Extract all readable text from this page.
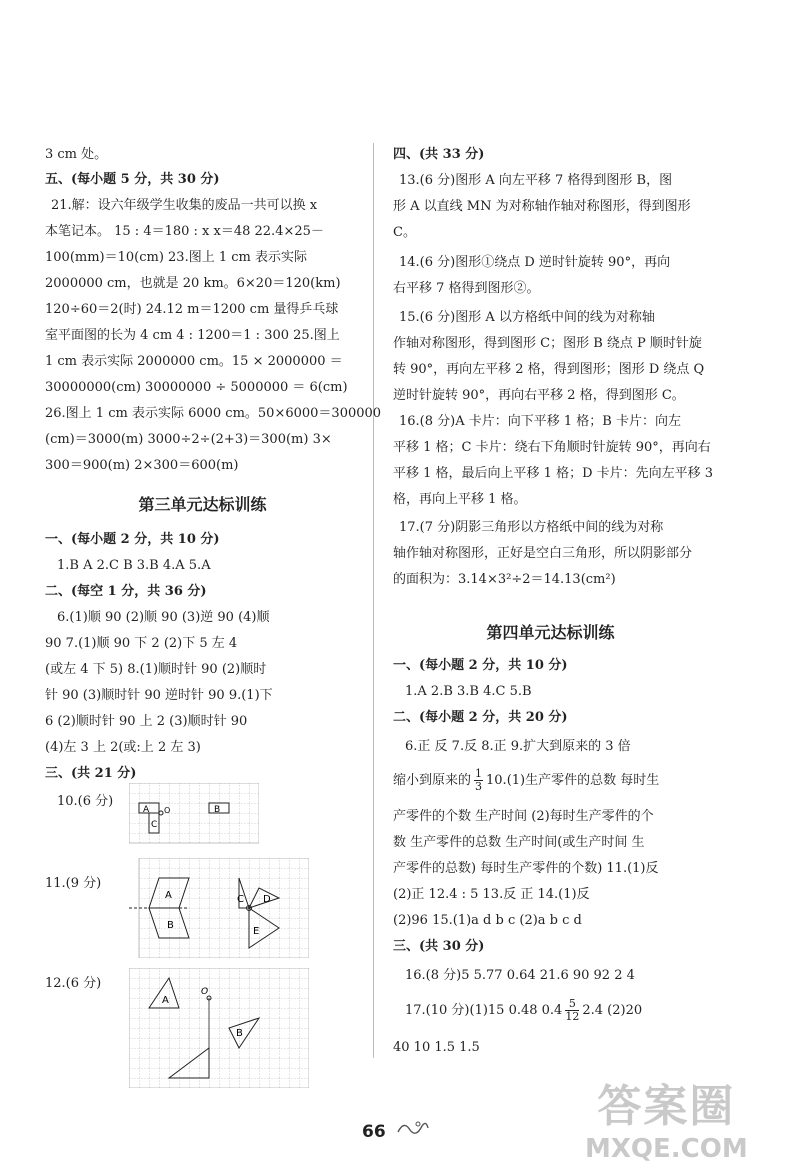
3 cm 处。
五、(每小题 5 分，共 30 分)
21.解：设六年级学生收集的废品一共可以换 x
本笔记本。 15 : 4＝180 : x x＝48 22.4×25－
100(mm)＝10(cm) 23.图上 1 cm 表示实际
2000000 cm，也就是 20 km。6×20＝120(km)
120÷60＝2(时) 24.12 m＝1200 cm 量得乒乓球
室平面图的长为 4 cm 4 : 1200＝1 : 300 25.图上
1 cm 表示实际 2000000 cm。15 × 2000000 ＝
30000000(cm) 30000000 ÷ 5000000 ＝ 6(cm)
26.图上 1 cm 表示实际 6000 cm。50×6000＝300000
(cm)＝3000(m) 3000÷2÷(2+3)＝300(m) 3×
300＝900(m) 2×300＝600(m)
第三单元达标训练
一、(每小题 2 分，共 10 分)
1.B A 2.C B 3.B 4.A 5.A
二、(每空 1 分，共 36 分)
6.(1)顺 90 (2)顺 90 (3)逆 90 (4)顺
90 7.(1)顺 90 下 2 (2)下 5 左 4
(或左 4 下 5) 8.(1)顺时针 90 (2)顺时
针 90 (3)顺时针 90 逆时针 90 9.(1)下
6 (2)顺时针 90 上 2 (3)顺时针 90
(4)左 3 上 2(或:上 2 左 3)
三、(共 21 分)
10.(6 分)
A
C
B
O
11.(9 分)
A
B
C D
E
12.(6 分)
A
B
O
四、(共 33 分)
13.(6 分)图形 A 向左平移 7 格得到图形 B，图
形 A 以直线 MN 为对称轴作轴对称图形，得到图形
C。
14.(6 分)图形①绕点 D 逆时针旋转 90°，再向
右平移 7 格得到图形②。
15.(6 分)图形 A 以方格纸中间的线为对称轴
作轴对称图形，得到图形 C；图形 B 绕点 P 顺时针旋
转 90°，再向左平移 2 格，得到图形；图形 D 绕点 Q
逆时针旋转 90°，再向右平移 2 格，得到图形 C。
16.(8 分)A 卡片：向下平移 1 格；B 卡片：向左
平移 1 格；C 卡片：绕右下角顺时针旋转 90°，再向右
平移 1 格，最后向上平移 1 格；D 卡片：先向左平移 3
格，再向上平移 1 格。
17.(7 分)阴影三角形以方格纸中间的线为对称
轴作轴对称图形，正好是空白三角形，所以阴影部分
的面积为：3.14×3²÷2＝14.13(cm²)
第四单元达标训练
一、(每小题 2 分，共 10 分)
1.A 2.B 3.B 4.C 5.B
二、(每小题 2 分，共 20 分)
6.正 反 7.反 8.正 9.扩大到原来的 3 倍
缩小到原来的 $\frac{1}{3} 10.(1)$生产零件的总数 每时生
产零件的个数 生产时间 (2)每时生产零件的个
数 生产零件的总数 生产时间(或生产时间 生
产零件的总数) 每时生产零件的个数) 11.(1)反
(2)正 12.4 : 5 13.反 正 14.(1)反
(2)96 15.(1)a d b c (2)a b c d
三、(共 30 分)
16.(8 分)5 5.77 0.64 21.6 90 92 2 4
17.(10 分)(1)15 0.48 $0.4 \frac{5}{12} 2.4$ (2)20
40 10 1.5 1.5
66	答案圈
MXQE.COM
